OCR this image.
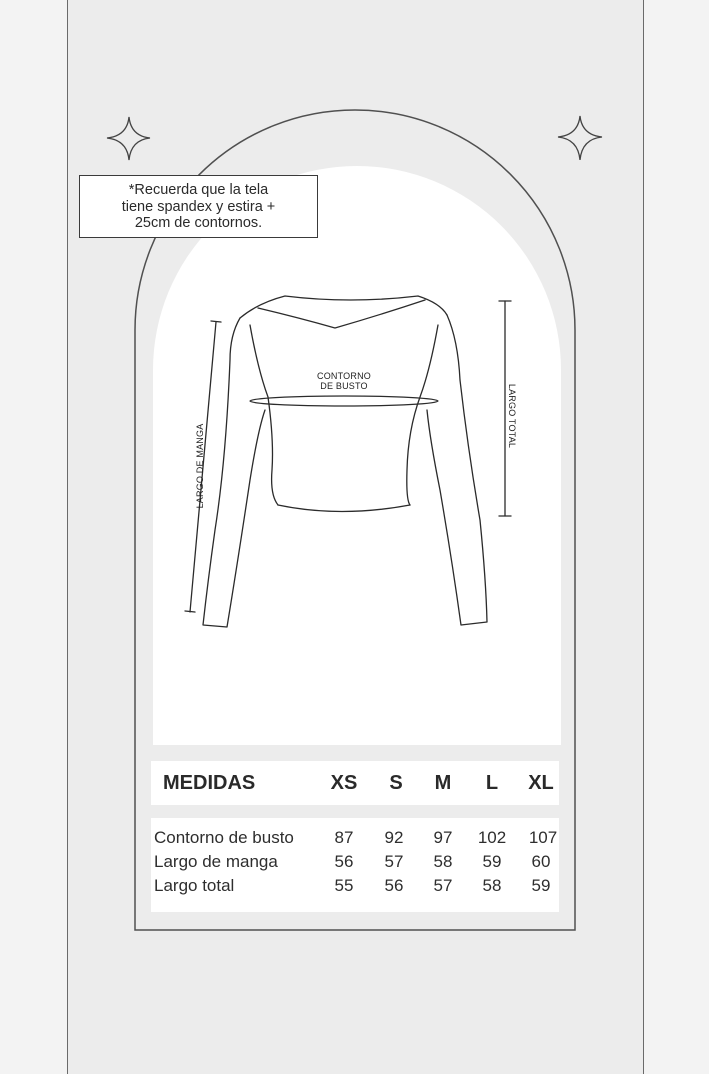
*Recuerda que la tela
tiene spandex y estira +
25cm de contornos.
CONTORNO
DE BUSTO
LARGO DE MANGA
LARGO TOTAL
MEDIDAS	XS S M L XL
Contorno de busto 87 92 97 102 107
Largo de manga	56 57 58 59 60
Largo total	55 56 57 58 59
